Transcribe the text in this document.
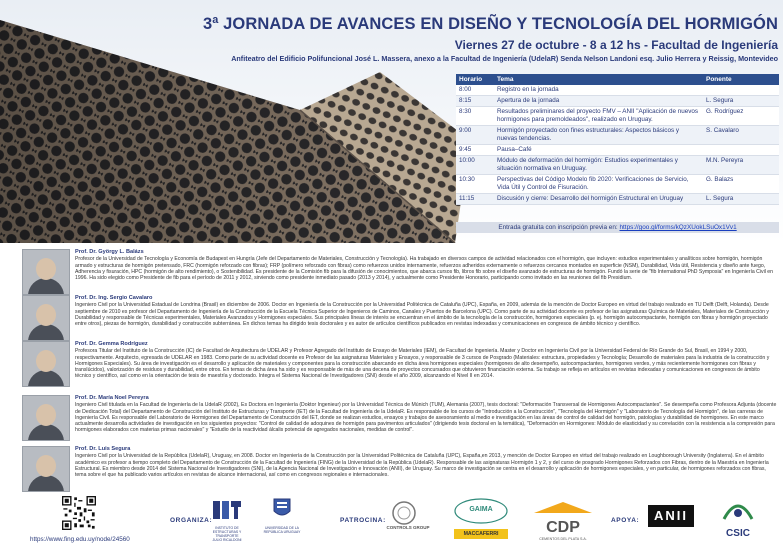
3ª JORNADA DE AVANCES EN DISEÑO Y TECNOLOGÍA DEL HORMIGÓN
Viernes 27 de octubre - 8 a 12 hs - Facultad de Ingeniería
Anfiteatro del Edificio Polifuncional José L. Massera, anexo a la Facultad de Ingeniería (UdelaR) Senda Nelson Landoni esq. Julio Herrera y Reissig, Montevideo
Horario	Tema	Ponente
8:00	Registro en la jornada	
8:15	Apertura de la jornada	L. Segura
8:30	Resultados preliminares del proyecto FMV – ANII "Aplicación de nuevos hormigones para premoldeados", realizado en Uruguay.	G. Rodríguez
9:00	Hormigón proyectado con fines estructurales: Aspectos básicos y nuevas tendencias.	S. Cavalaro
9:45	Pausa–Café	
10:00	Módulo de deformación del hormigón: Estudios experimentales y situación normativa en Uruguay.	M.N. Pereyra
10:30	Perspectivas del Código Modelo fib 2020: Verificaciones de Servicio, Vida Útil y Control de Fisuración.	G. Balazs
11:15	Discusión y cierre: Desarrollo del hormigón Estructural en Uruguay	L. Segura
Entrada gratuita con inscripción previa en: https://goo.gl/forms/kQzXUokLSuOx1Vv1
Prof. Dr. György L. Balázs
Profesor de la Universidad de Tecnología y Economía de Budapest en Hungría (Jefe del Departamento de Materiales, Construcción y Tecnología). Ha trabajado en diversos campos de actividad relacionados con el hormigón, que incluyen: estudios experimentales y analíticos sobre hormigón, hormigón armado y estructuras de hormigón pretensado, FRC (hormigón reforzado con fibras); FRP (polímero reforzado con fibras) como refuerzos unidos internamente, refuerzos adheridos externamente o refuerzos cercanos montados en superficie (NSM), Durabilidad, Vida útil, Resistencia y diseño ante fuego, Adherencia y fisuración, HPC (hormigón de alto rendimiento), o Sostenibilidad. Es presidente de la Comisión fib para la difusión de conocimientos, que abarca cursos fib, libros fib sobre el diseño avanzado de estructuras de hormigón. Fundó la serie de "fib International PhD Symposia" en Ingeniería Civil en 1996. Ha sido elegido como Presidente de fib para el período de 2011 y 2012, sirviendo como presidente inmediato pasado (2013 y 2014), y actualmente como Presidente Honorario, participando como invitado en las reuniones del fib Presidium.
Prof. Dr. Ing. Sergio Cavalaro
Ingeniero Civil por la Universidad Estadual de Londrina (Brasil) en diciembre de 2006. Doctor en Ingeniería de la Construcción por la Universidad Politécnica de Cataluña (UPC), España, en 2009, además de la mención de Doctor Europeo en virtud del trabajo realizado en TU Delft (Delft, Holanda). Desde septiembre de 2010 es profesor del Departamento de Ingeniería de la Construcción de la Escuela Técnica Superior de Ingenieros de Caminos, Canales y Puertos de Barcelona (UPC). Como parte de su actividad docente es profesor de las asignaturas Química de Materiales, Materiales de Construcción y Durabilidad y responsable de Técnicas experimentales, Materiales Avanzados y Hormigones especiales. Sus principales líneas de interés se encuentran en el ámbito de la tecnología de la construcción, hormigones especiales (p. ej. hormigón autocompactante, hormigón con fibras y hormigón proyectado entre otros), piezas de hormigón, durabilidad y construcción subterránea. En dichos temas ha dirigido tesis doctorales y es autor de artículos científicos publicados en revistas indexadas y comunicaciones en congresos de ámbito técnico y científico.
Prof. Dr. Gemma Rodríguez
Profesora Titular del Instituto de la Construcción (IC) de Facultad de Arquitectura de UDELAR y Profesor Agregado del Instituto de Ensayo de Materiales (IEM), de Facultad de Ingeniería. Master y Doctor en Ingeniería Civil por la Universidad Federal de Río Grande do Sul, Brasil, en 1994 y 2000, respectivamente. Arquitecto, egresada de UDELAR en 1983. Como parte de su actividad docente es Profesor de las asignaturas Materiales y Ensayos, y responsable de 3 cursos de Posgrado (Materiales: estructura, propiedades y Tecnología; Desarrollo de materiales para la industria de la construcción y Hormigones Especiales). Su área de investigación es el desarrollo y aplicación de materiales y componentes para la construcción abarcando en dicha área hormigones especiales (hormigones de alto desempeño, autocompactantes, hormigones verdes, y más recientemente hormigones con fibras y translúcidos), valorización de residuos y durabilidad, entre otros. En temas de dicha área ha sido y es responsable de más de una decena de proyectos concursados que obtuvieron financiación externa. Su trabajo se refleja en artículos en revistas indexadas y comunicaciones en congresos de ámbito técnico y científico, así como en la orientación de tesis de maestría y doctorado. Integra el Sistema Nacional de Investigadores (SNI) desde el año 2009, alcanzando el Nivel II en 2014.
Prof. Dr. María Noel Pereyra
Ingeniero Civil titulada en la Facultad de Ingeniería de la UdelaR (2002), Es Doctora en Ingeniería (Doktor Ingenieur) por la Universidad Técnica de Múnich (TUM), Alemania (2007), tesis doctoral: "Deformación Transversal de Hormigones Autocompactantes". Se desempeña como Profesora Adjunta (docente de Dedicación Total) del Departamento de Construcción del Instituto de Estructuras y Transporte (IET) de la Facultad de Ingeniería de la UdelaR. Es responsable de los cursos de "Introducción a la Construcción", "Tecnología del Hormigón" y "Laboratorio de Tecnología del Hormigón", de las carreras de Ingeniería Civil. Es responsable del Laboratorio de Hormigones del Departamento de Construcción del IET, donde se realizan estudios, ensayos y trabajos de asesoramiento al medio e investigación en las áreas de control de calidad del hormigón, patologías y durabilidad de hormigones. En este marco actualmente desarrolla actividades de investigación en los siguientes proyectos: "Control de calidad de adoquines de hormigón para pavimentos articulados" (dirigiendo tesis doctoral en la temática), "Deformación en Hormigones: Módulo de elasticidad y su correlación con la resistencia a la compresión para hormigones elaborados con materias primas nacionales" y "Estudio de la reactividad álcalis potencial de agregados nacionales, medidas de control".
Prof. Dr. Luis Segura
Ingeniero Civil por la Universidad de la República (UdelaR), Uruguay, en 2008. Doctor en Ingeniería de la Construcción por la Universidad Politécnica de Cataluña (UPC), España,en 2013, y mención de Doctor Europeo en virtud del trabajo realizado en Loughborough University (Inglaterra). En el ámbito académico es profesor a tiempo completo del Departamento de Construcción de la Facultad de Ingeniería (FING) de la Universidad de la República (UdelaR). Responsable de las asignaturas Hormigón 1 y 2, y del curso de posgrado Hormigones Reforzados con Fibras, dentro de la Maestría en Ingeniería Estructural. Es miembro desde 2014 del Sistema Nacional de Investigadores (SNI), de la Agencia Nacional de Investigación e Innovación (ANII), de Uruguay. Su marco de investigación se centra en el desarrollo y aplicación de hormigones especiales, y en particular, de hormigones reforzados con fibras, tema sobre el que ha publicado varios artículos en revistas de alcance internacional, así como en congresos regionales e internacionales.
https://www.fing.edu.uy/node/24560
ORGANIZA:
INSTITUTO DE ESTRUCTURAS Y TRANSPORTE
JULIO RICALDONI
UNIVERSIDAD DE LA REPÚBLICA URUGUAY
PATROCINA:
CONTROLS GROUP
GAIMA
MACCAFERRI	CDP
CEMENTOS DEL PLATA S.A.
APOYA:	ANII
CSIC
